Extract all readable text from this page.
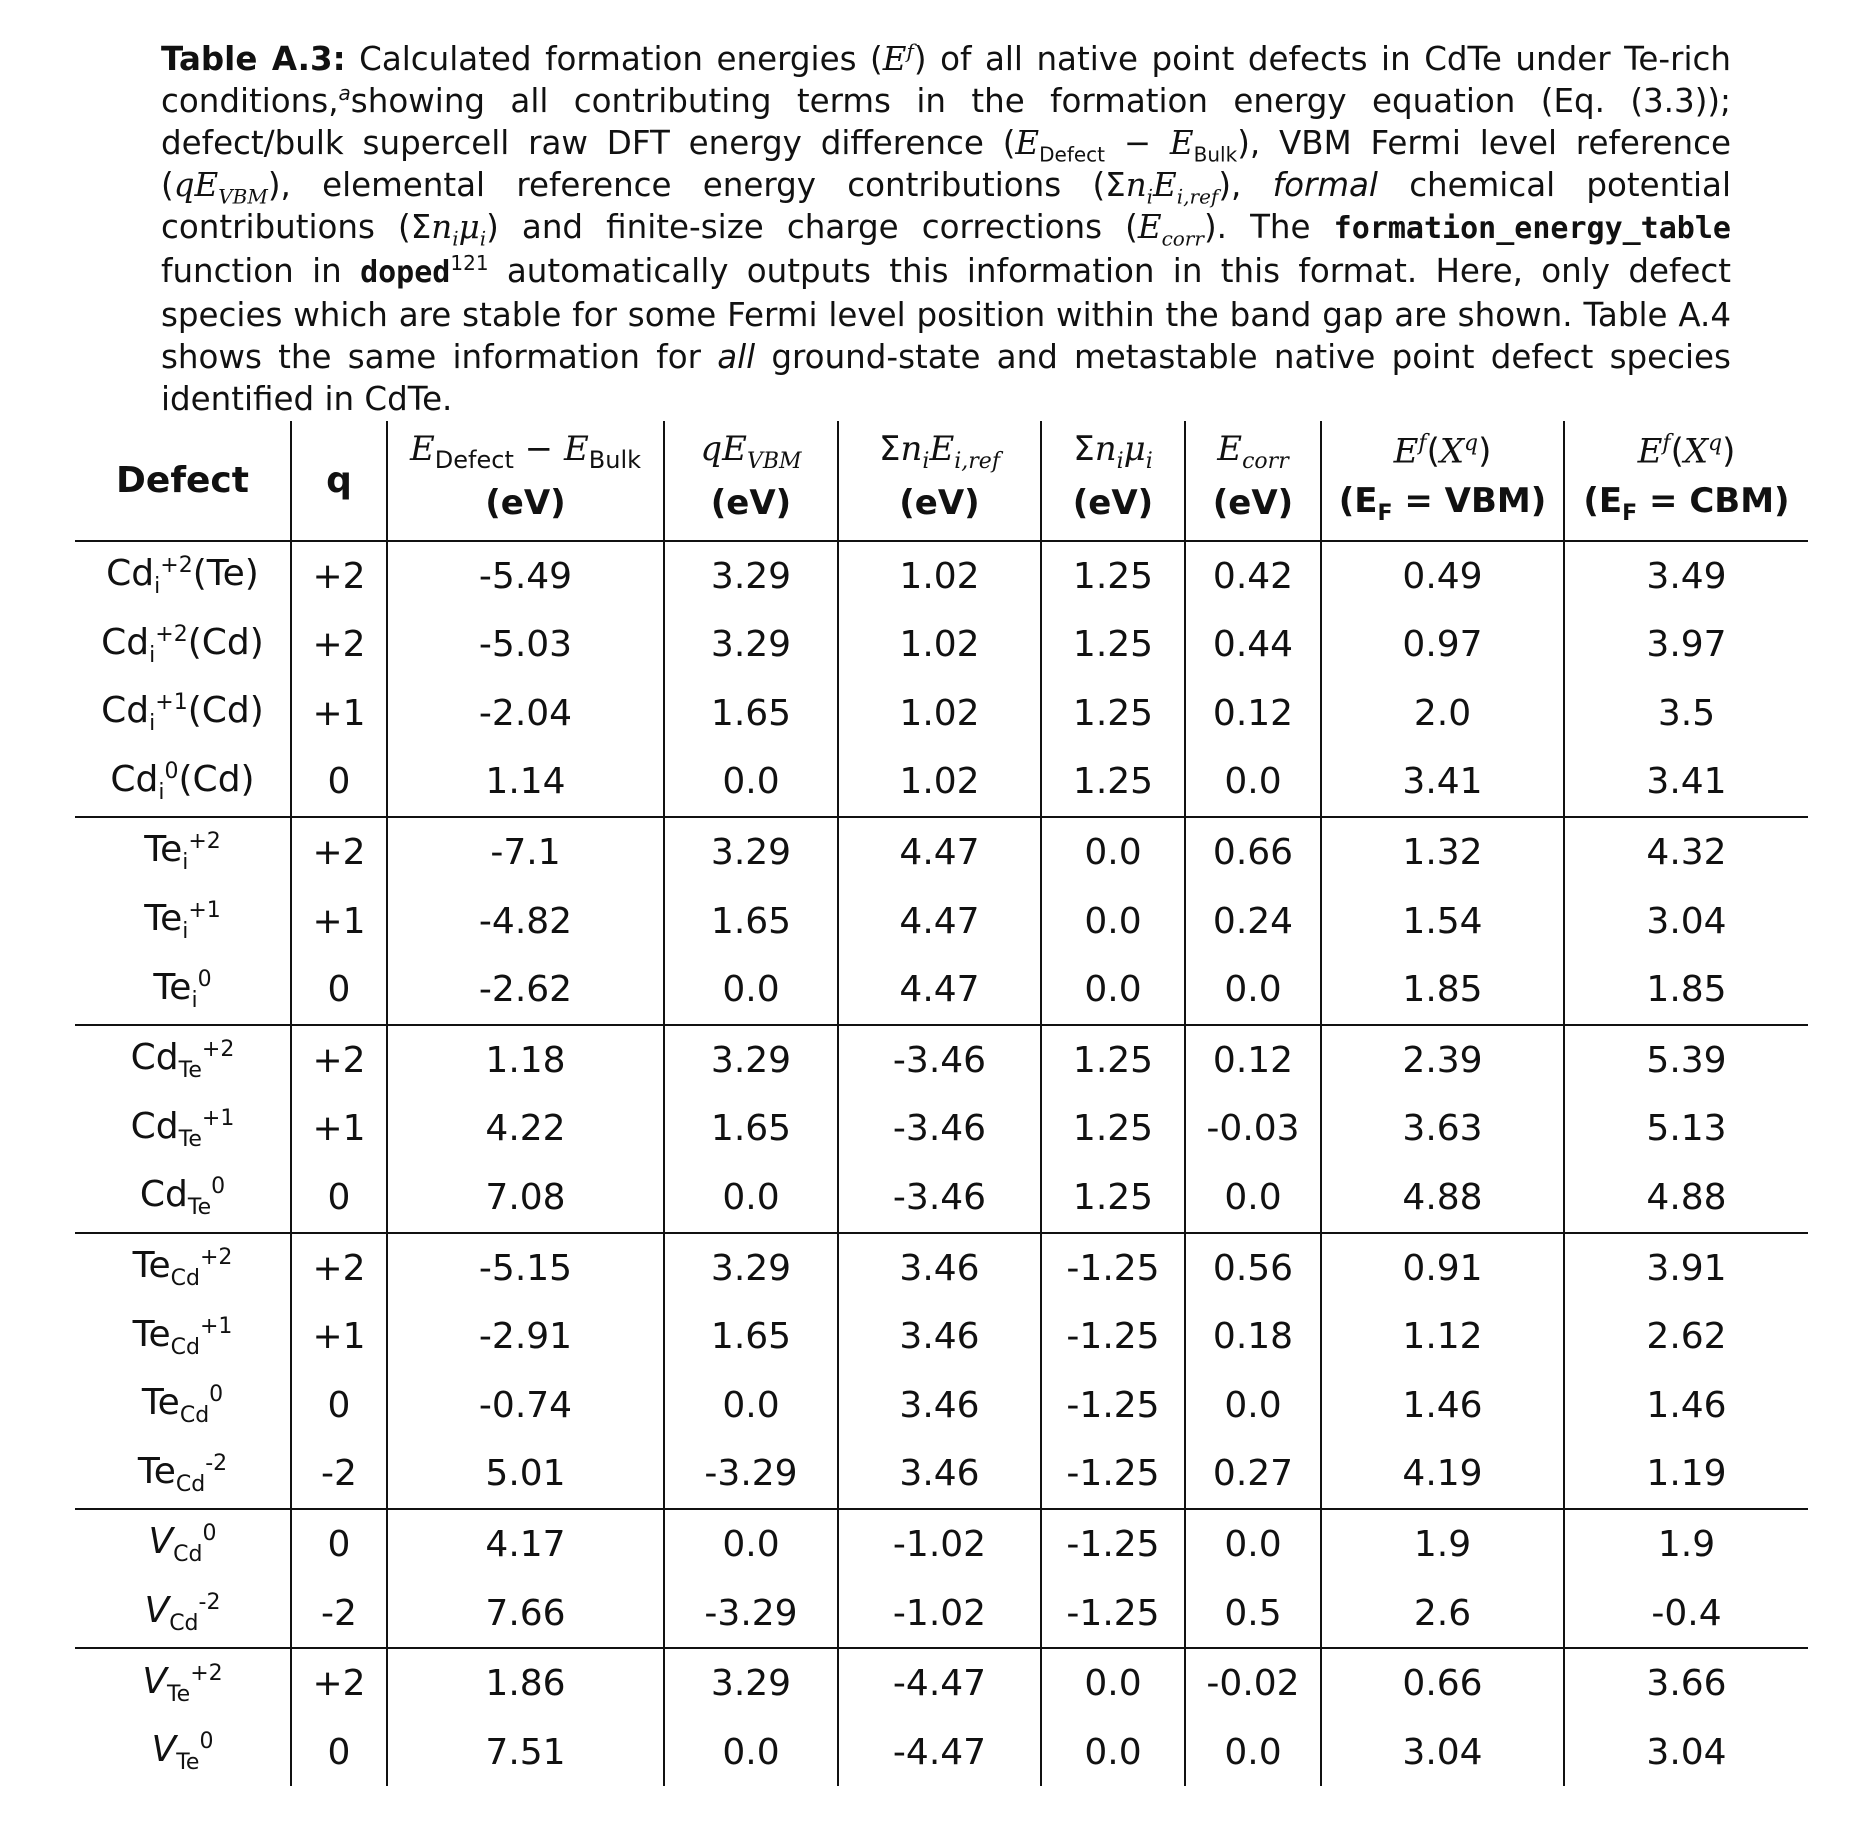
Table A.3: Calculated formation energies $(E^f)$ of all native point defects in CdTe under Te-rich conditions,$^a$showing all contributing terms in the formation energy equation (Eq. (3.3)); defect/bulk supercell raw DFT energy difference $(E_{Defect} - E_{Bulk})$, VBM Fermi level reference $(qE_{VBM})$, elemental reference energy contributions $(\Sigma n_iE_{i,ref})$, formal chemical potential contributions $(\Sigma n_i\mu_i)$ and finite-size charge corrections $(E_{corr})$. The formation_energy_table function in doped$^{121}$ automatically outputs this information in this format. Here, only defect species which are stable for some Fermi level position within the band gap are shown. Table A.4 shows the same information for all ground-state and metastable native point defect species identified in CdTe.
Defect	q	$E_{Defect} - E_{Bulk}$	$qE_{VBM}$	$\Sigma n_iE_{i,ref}$	$\Sigma n_i\mu_i$	$E_{corr}$	$E^f(X^q)$	$E^f(X^q)$
		(eV)	(eV)	(eV)	(eV)	(eV)	$(E_F = VBM)$	$(E_F = CBM)$
$Cd_i^{+2}(Te)$	+2	-5.49	3.29	1.02	1.25	0.42	0.49	3.49
$Cd_i^{+2}(Cd)$	+2	-5.03	3.29	1.02	1.25	0.44	0.97	3.97
$Cd_i^{+1}(Cd)$	+1	-2.04	1.65	1.02	1.25	0.12	2.0	3.5
$Cd_i^0(Cd)$	0	1.14	0.0	1.02	1.25	0.0	3.41	3.41
$Te_i^{+2}$	+2	-7.1	3.29	4.47	0.0	0.66	1.32	4.32
$Te_i^{+1}$	+1	-4.82	1.65	4.47	0.0	0.24	1.54	3.04
$Te_i^0$	0	-2.62	0.0	4.47	0.0	0.0	1.85	1.85
$Cd_{Te}^{+2}$	+2	1.18	3.29	-3.46	1.25	0.12	2.39	5.39
$Cd_{Te}^{+1}$	+1	4.22	1.65	-3.46	1.25	-0.03	3.63	5.13
$Cd_{Te}^0$	0	7.08	0.0	-3.46	1.25	0.0	4.88	4.88
$Te_{Cd}^{+2}$	+2	-5.15	3.29	3.46	-1.25	0.56	0.91	3.91
$Te_{Cd}^{+1}$	+1	-2.91	1.65	3.46	-1.25	0.18	1.12	2.62
$Te_{Cd}^0$	0	-0.74	0.0	3.46	-1.25	0.0	1.46	1.46
$Te_{Cd}^{-2}$	-2	5.01	-3.29	3.46	-1.25	0.27	4.19	1.19
$V_{Cd}^0$	0	4.17	0.0	-1.02	-1.25	0.0	1.9	1.9
$V_{Cd}^{-2}$	-2	7.66	-3.29	-1.02	-1.25	0.5	2.6	-0.4
$V_{Te}^{+2}$	+2	1.86	3.29	-4.47	0.0	-0.02	0.66	3.66
$V_{Te}^0$	0	7.51	0.0	-4.47	0.0	0.0	3.04	3.04
